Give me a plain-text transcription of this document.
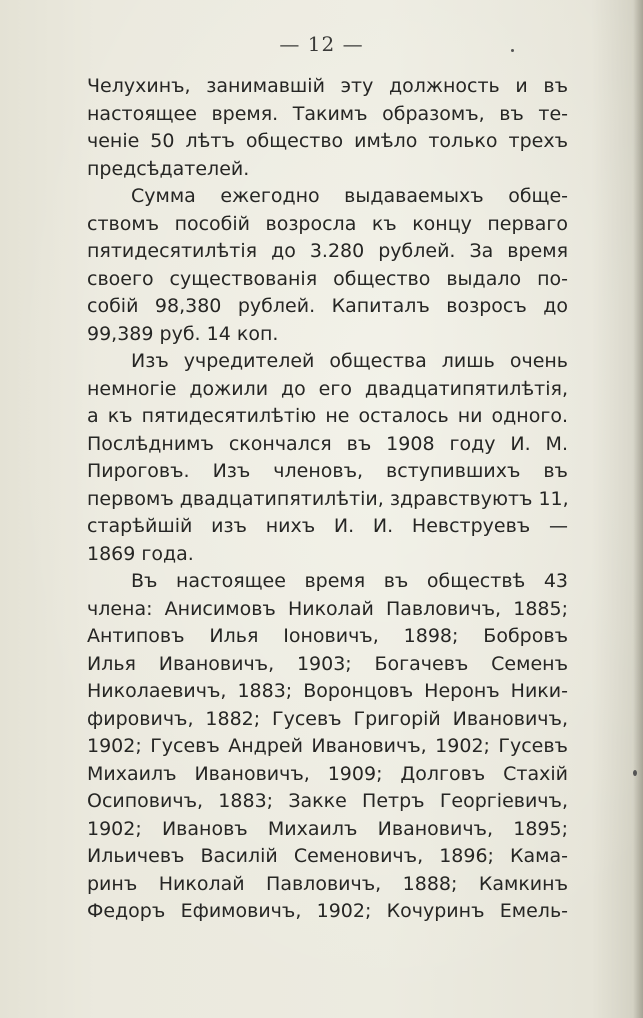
— 12 —
Челухинъ, занимавшій эту должность и въ
настоящее время. Такимъ образомъ, въ те-
ченіе 50 лѣтъ общество имѣло только трехъ
предсѣдателей.
Сумма ежегодно выдаваемыхъ обще-
ствомъ пособій возросла къ концу перваго
пятидесятилѣтія до 3.280 рублей. За время
своего существованія общество выдало по-
собій 98,380 рублей. Капиталъ возросъ до
99,389 руб. 14 коп.
Изъ учредителей общества лишь очень
немногіе дожили до его двадцатипятилѣтія,
а къ пятидесятилѣтію не осталось ни одного.
Послѣднимъ скончался въ 1908 году И. М.
Пироговъ. Изъ членовъ, вступившихъ въ
первомъ двадцатипятилѣтіи, здравствуютъ 11,
старѣйшій изъ нихъ И. И. Невструевъ —
1869 года.
Въ настоящее время въ обществѣ 43
члена: Анисимовъ Николай Павловичъ, 1885;
Антиповъ Илья Іоновичъ, 1898; Бобровъ
Илья Ивановичъ, 1903; Богачевъ Семенъ
Николаевичъ, 1883; Воронцовъ Неронъ Ники-
фировичъ, 1882; Гусевъ Григорій Ивановичъ,
1902; Гусевъ Андрей Ивановичъ, 1902; Гусевъ
Михаилъ Ивановичъ, 1909; Долговъ Стахій
Осиповичъ, 1883; Закке Петръ Георгіевичъ,
1902; Ивановъ Михаилъ Ивановичъ, 1895;
Ильичевъ Василій Семеновичъ, 1896; Кама-
ринъ Николай Павловичъ, 1888; Камкинъ
Федоръ Ефимовичъ, 1902; Кочуринъ Емель-
